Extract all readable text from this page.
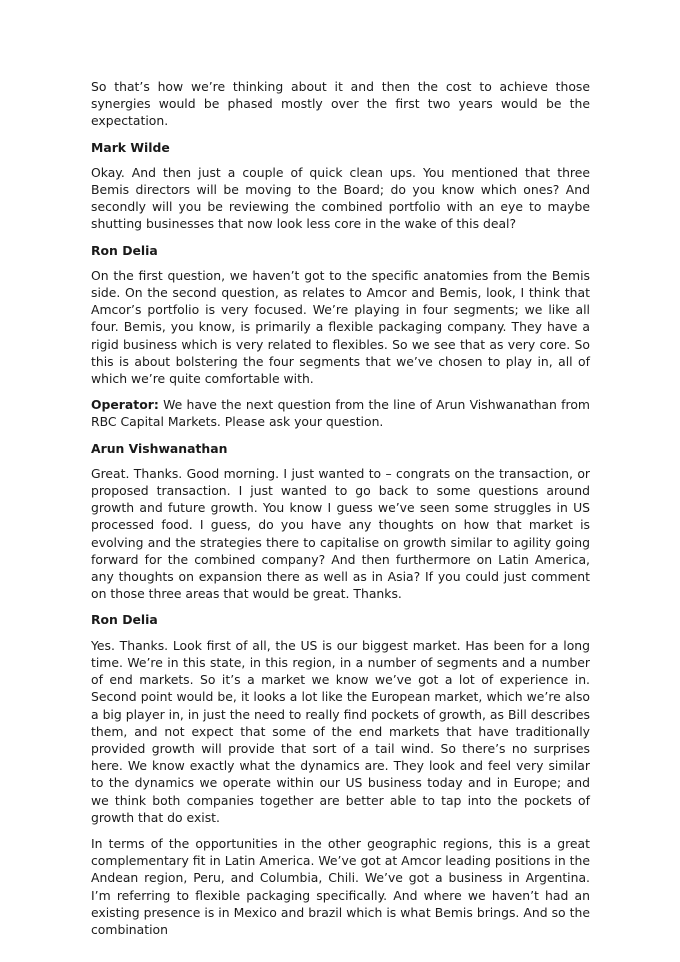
So that’s how we’re thinking about it and then the cost to achieve those synergies would be phased mostly over the first two years would be the expectation.

Mark Wilde

Okay. And then just a couple of quick clean ups. You mentioned that three Bemis directors will be moving to the Board; do you know which ones? And secondly will you be reviewing the combined portfolio with an eye to maybe shutting businesses that now look less core in the wake of this deal?

Ron Delia

On the first question, we haven’t got to the specific anatomies from the Bemis side. On the second question, as relates to Amcor and Bemis, look, I think that Amcor’s portfolio is very focused. We’re playing in four segments; we like all four. Bemis, you know, is primarily a flexible packaging company. They have a rigid business which is very related to flexibles. So we see that as very core. So this is about bolstering the four segments that we’ve chosen to play in, all of which we’re quite comfortable with.

Operator: We have the next question from the line of Arun Vishwanathan from RBC Capital Markets. Please ask your question.

Arun Vishwanathan

Great. Thanks. Good morning. I just wanted to – congrats on the transaction, or proposed transaction. I just wanted to go back to some questions around growth and future growth. You know I guess we’ve seen some struggles in US processed food. I guess, do you have any thoughts on how that market is evolving and the strategies there to capitalise on growth similar to agility going forward for the combined company? And then furthermore on Latin America, any thoughts on expansion there as well as in Asia? If you could just comment on those three areas that would be great. Thanks.

Ron Delia

Yes. Thanks. Look first of all, the US is our biggest market. Has been for a long time. We’re in this state, in this region, in a number of segments and a number of end markets. So it’s a market we know we’ve got a lot of experience in. Second point would be, it looks a lot like the European market, which we’re also a big player in, in just the need to really find pockets of growth, as Bill describes them, and not expect that some of the end markets that have traditionally provided growth will provide that sort of a tail wind. So there’s no surprises here. We know exactly what the dynamics are. They look and feel very similar to the dynamics we operate within our US business today and in Europe; and we think both companies together are better able to tap into the pockets of growth that do exist.

In terms of the opportunities in the other geographic regions, this is a great complementary fit in Latin America. We’ve got at Amcor leading positions in the Andean region, Peru, and Columbia, Chili. We’ve got a business in Argentina. I’m referring to flexible packaging specifically. And where we haven’t had an existing presence is in Mexico and brazil which is what Bemis brings. And so the combination
